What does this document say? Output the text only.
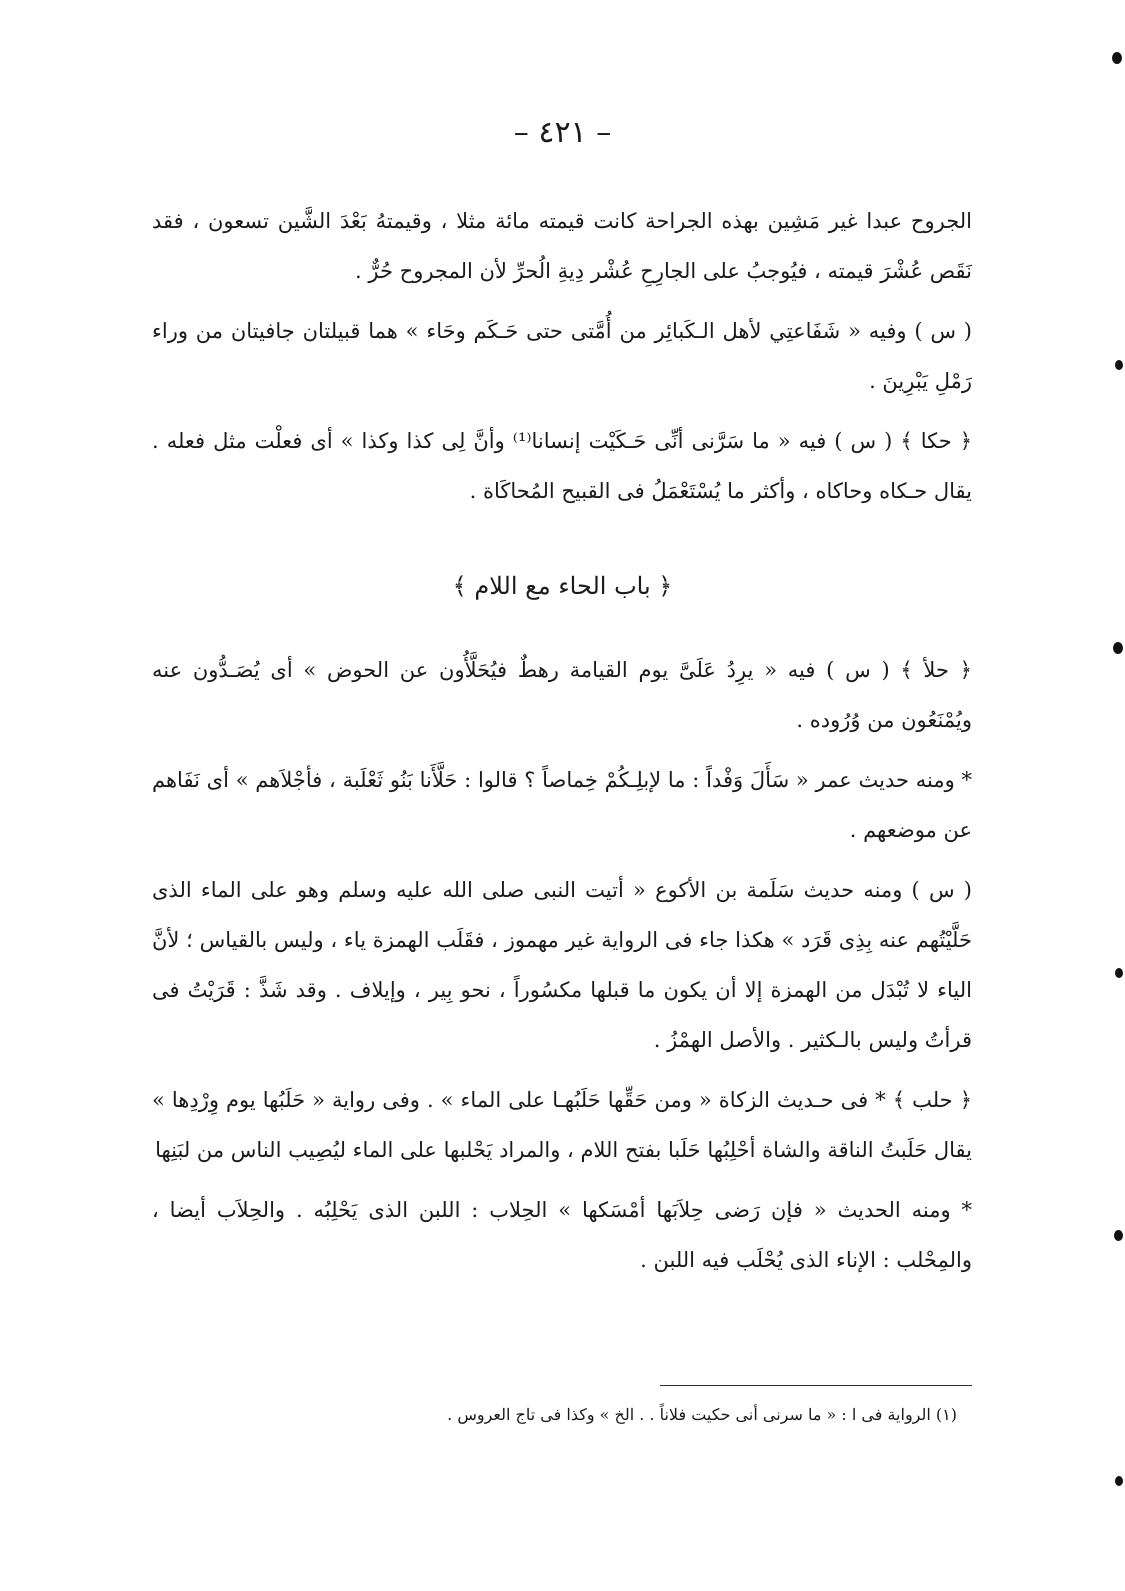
– ٤٢١ –

الجروح عبدا غير مَشِين بهذه الجراحة كانت قيمته مائة مثلا ، وقيمتهُ بَعْدَ الشَّين تسعون ، فقد نَقَص عُشْرَ قيمته ، فيُوجبُ على الجارِحِ عُشْر دِيةِ الُحرِّ لأن المجروح حُرٌّ .

( س ) وفيه « شَفَاعتِي لأهل الـكَبائِر من أُمَّتى حتى حَـكَم وحَاء » هما قبيلتان جافيتان من وراء رَمْلِ يَبْرِينَ .

﴿ حكا ﴾ ( س ) فيه « ما سَرَّنى أنِّى حَـكَيْت إنسانا⁽¹⁾ وأنَّ لِى كذا وكذا » أى فعلْت مثل فعله . يقال حـكاه وحاكاه ، وأكثر ما يُسْتَعْمَلُ فى القبيح المُحاكَاة .

﴿ باب الحاء مع اللام ﴾

﴿ حلأ ﴾ ( س ) فيه « يرِدُ عَلَىَّ يوم القيامة رهطٌ فيُحَلَّأُون عن الحوض » أى يُصَـدُّون عنه ويُمْنَعُون من وُرُوده .

* ومنه حديث عمر « سَأَلَ وَفْداً : ما لإبلِـكُمْ خِماصاً ؟ قالوا : حَلَّأَنا بَنُو ثَعْلَبة ، فأجْلاَهم » أى نَفَاهم عن موضعهم .

( س ) ومنه حديث سَلَمة بن الأكوع « أتيت النبى صلى الله عليه وسلم وهو على الماء الذى حَلَّيْتُهم عنه بِذِى قَرَد » هكذا جاء فى الرواية غير مهموز ، فقَلَب الهمزة ياء ، وليس بالقياس ؛ لأنَّ الياء لا تُبْدَل من الهمزة إلا أن يكون ما قبلها مكسُوراً ، نحو بِير ، وإيلاف . وقد شَذَّ : قَرَيْتُ فى قرأتُ وليس بالـكثير . والأصل الهمْزُ .

﴿ حلب ﴾ * فى حـديث الزكاة « ومن حَقِّها حَلَبُهـا على الماء » . وفى رواية « حَلَبُها يوم وِرْدِها » يقال حَلَبتُ الناقة والشاة أحْلِبُها حَلَبا بفتح اللام ، والمراد يَحْلبها على الماء ليُصِيب الناس من لبَنِها

* ومنه الحديث « فإن رَضى حِلاَبَها أمْسَكها » الحِلاب : اللبن الذى يَحْلِبُه . والحِلاَب أيضا ، والمِحْلب : الإناء الذى يُحْلَب فيه اللبن .

(١) الرواية فى ا : « ما سرنى أنى حكيت فلاناً . . الخ » وكذا فى تاج العروس .
